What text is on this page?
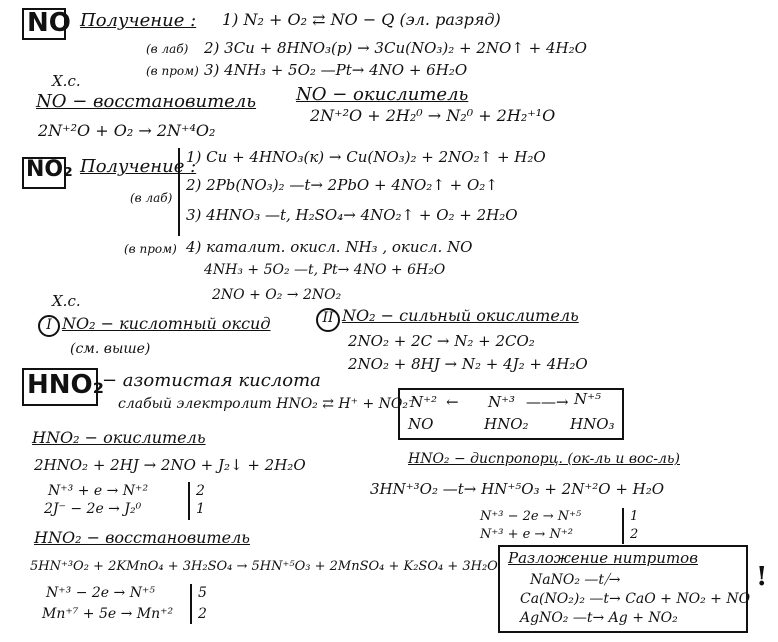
NO Получение : 1) N₂ + O₂ ⇄ NO − Q (эл. разряд)
(в лаб) 2) 3Cu + 8HNO₃(р) → 3Cu(NO₃)₂ + 2NO↑ + 4H₂O
(в пром) 3) 4NH₃ + 5O₂ —Pt→ 4NO + 6H₂O
Х.с.
NO − восстановитель
2N⁺²O + O₂ → 2N⁺⁴O₂
NO − окислитель
2N⁺²O + 2H₂⁰ → N₂⁰ + 2H₂⁺¹O
NO₂ Получение :
1) Cu + 4HNO₃(к) → Cu(NO₃)₂ + 2NO₂↑ + H₂O
(в лаб)
2) 2Pb(NO₃)₂ —t→ 2PbO + 4NO₂↑ + O₂↑
3) 4HNO₃ —t, H₂SO₄→ 4NO₂↑ + O₂ + 2H₂O
(в пром) 4) каталит. окисл. NH₃ , окисл. NO
4NH₃ + 5O₂ —t, Pt→ 4NO + 6H₂O
2NO + O₂ → 2NO₂
Х.с.
I NO₂ − кислотный оксид
(см. выше)
II NO₂ − сильный окислитель
2NO₂ + 2C → N₂ + 2CO₂
2NO₂ + 8HJ → N₂ + 4J₂ + 4H₂O
HNO₂
− азотистая кислота
слабый электролит HNO₂ ⇄ H⁺ + NO₂⁻
N⁺² ← N⁺³ ——→ N⁺⁵
NO	HNO₂	HNO₃
HNO₂ − окислитель
2HNO₂ + 2HJ → 2NO + J₂↓ + 2H₂O
N⁺³ + e → N⁺²	2
2J⁻ − 2e → J₂⁰	1
HNO₂ − диспропорц. (ок-ль и вос-ль)
3HN⁺³O₂ —t→ HN⁺⁵O₃ + 2N⁺²O + H₂O
N⁺³ − 2e → N⁺⁵	1
N⁺³ + e → N⁺²	2
HNO₂ − восстановитель
5HN⁺³O₂ + 2KMnO₄ + 3H₂SO₄ → 5HN⁺⁵O₃ + 2MnSO₄ + K₂SO₄ + 3H₂O
N⁺³ − 2e → N⁺⁵	5
Mn⁺⁷ + 5e → Mn⁺² 2
Разложение нитритов
NaNO₂ —t⧸→
Ca(NO₂)₂ —t→ CaO + NO₂ + NO
AgNO₂ —t→ Ag + NO₂
!
